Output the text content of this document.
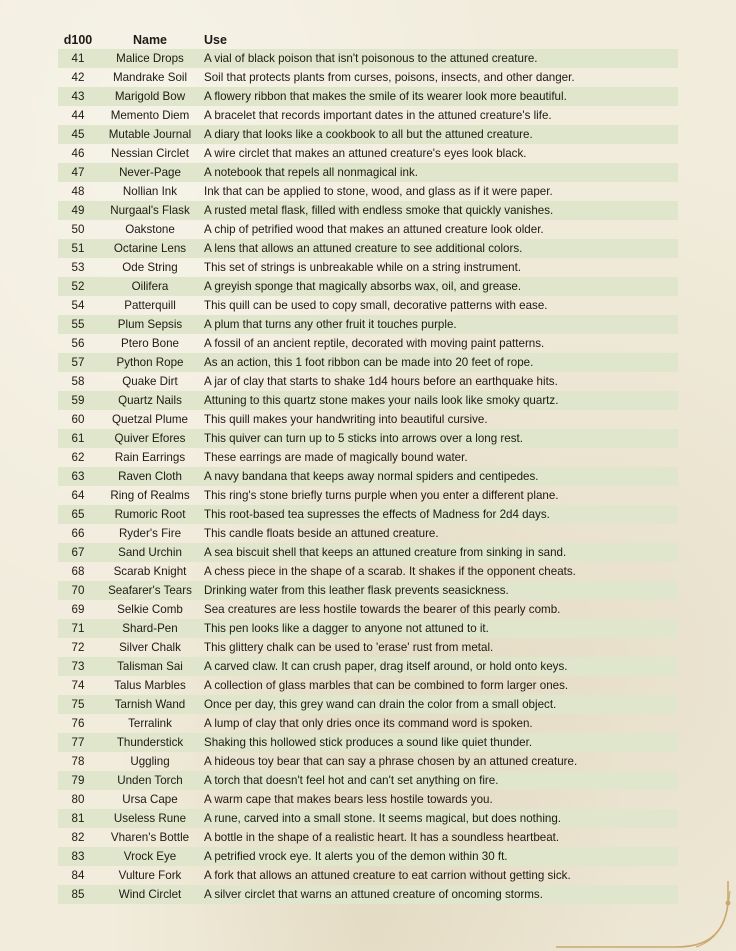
d100	Name	Use
41	Malice Drops	A vial of black poison that isn't poisonous to the attuned creature.
42	Mandrake Soil	Soil that protects plants from curses, poisons, insects, and other danger.
43	Marigold Bow	A flowery ribbon that makes the smile of its wearer look more beautiful.
44	Memento Diem	A bracelet that records important dates in the attuned creature's life.
45	Mutable Journal	A diary that looks like a cookbook to all but the attuned creature.
46	Nessian Circlet	A wire circlet that makes an attuned creature's eyes look black.
47	Never-Page	A notebook that repels all nonmagical ink.
48	Nollian Ink	Ink that can be applied to stone, wood, and glass as if it were paper.
49	Nurgaal's Flask	A rusted metal flask, filled with endless smoke that quickly vanishes.
50	Oakstone	A chip of petrified wood that makes an attuned creature look older.
51	Octarine Lens	A lens that allows an attuned creature to see additional colors.
53	Ode String	This set of strings is unbreakable while on a string instrument.
52	Oilifera	A greyish sponge that magically absorbs wax, oil, and grease.
54	Patterquill	This quill can be used to copy small, decorative patterns with ease.
55	Plum Sepsis	A plum that turns any other fruit it touches purple.
56	Ptero Bone	A fossil of an ancient reptile, decorated with moving paint patterns.
57	Python Rope	As an action, this 1 foot ribbon can be made into 20 feet of rope.
58	Quake Dirt	A jar of clay that starts to shake 1d4 hours before an earthquake hits.
59	Quartz Nails	Attuning to this quartz stone makes your nails look like smoky quartz.
60	Quetzal Plume	This quill makes your handwriting into beautiful cursive.
61	Quiver Efores	This quiver can turn up to 5 sticks into arrows over a long rest.
62	Rain Earrings	These earrings are made of magically bound water.
63	Raven Cloth	A navy bandana that keeps away normal spiders and centipedes.
64	Ring of Realms	This ring's stone briefly turns purple when you enter a different plane.
65	Rumoric Root	This root-based tea supresses the effects of Madness for 2d4 days.
66	Ryder's Fire	This candle floats beside an attuned creature.
67	Sand Urchin	A sea biscuit shell that keeps an attuned creature from sinking in sand.
68	Scarab Knight	A chess piece in the shape of a scarab. It shakes if the opponent cheats.
70	Seafarer's Tears	Drinking water from this leather flask prevents seasickness.
69	Selkie Comb	Sea creatures are less hostile towards the bearer of this pearly comb.
71	Shard-Pen	This pen looks like a dagger to anyone not attuned to it.
72	Silver Chalk	This glittery chalk can be used to 'erase' rust from metal.
73	Talisman Sai	A carved claw. It can crush paper, drag itself around, or hold onto keys.
74	Talus Marbles	A collection of glass marbles that can be combined to form larger ones.
75	Tarnish Wand	Once per day, this grey wand can drain the color from a small object.
76	Terralink	A lump of clay that only dries once its command word is spoken.
77	Thunderstick	Shaking this hollowed stick produces a sound like quiet thunder.
78	Uggling	A hideous toy bear that can say a phrase chosen by an attuned creature.
79	Unden Torch	A torch that doesn't feel hot and can't set anything on fire.
80	Ursa Cape	A warm cape that makes bears less hostile towards you.
81	Useless Rune	A rune, carved into a small stone. It seems magical, but does nothing.
82	Vharen's Bottle	A bottle in the shape of a realistic heart. It has a soundless heartbeat.
83	Vrock Eye	A petrified vrock eye. It alerts you of the demon within 30 ft.
84	Vulture Fork	A fork that allows an attuned creature to eat carrion without getting sick.
85	Wind Circlet	A silver circlet that warns an attuned creature of oncoming storms.
